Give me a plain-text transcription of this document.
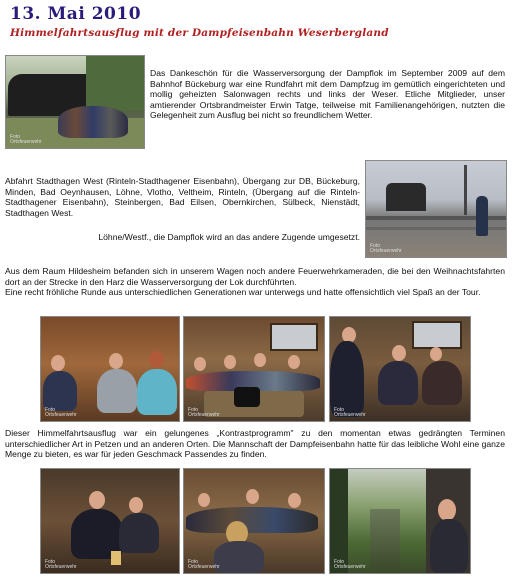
13. Mai 2010
Himmelfahrtsausflug mit der Dampfeisenbahn Weserbergland
Foto
Ortsfeuerwehr
Das Dankeschön für die Wasserversorgung der Dampflok im September 2009 auf dem Bahnhof Bückeburg war eine Rundfahrt mit dem Dampfzug im gemütlich eingerichteten und mollig geheizten Salonwagen rechts und links der Weser. Etliche Mitglieder, unser amtierender Ortsbrandmeister Erwin Tatge, teilweise mit Familienangehörigen, nutzten die Gelegenheit zum Ausflug bei nicht so freundlichem Wetter.
Abfahrt Stadthagen West (Rinteln-Stadthagener Eisenbahn), Übergang zur DB, Bückeburg, Minden, Bad Oeynhausen, Löhne, Vlotho, Veltheim, Rinteln, (Übergang auf die Rinteln-Stadthagener Eisenbahn), Steinbergen, Bad Eilsen, Obernkirchen, Sülbeck, Nienstädt, Stadthagen West.
Löhne/Westf., die Dampflok wird an das andere Zugende umgesetzt.
Foto
Ortsfeuerwehr
Aus dem Raum Hildesheim befanden sich in unserem Wagen noch andere Feuerwehrkameraden, die bei den Weihnachtsfahrten dort an der Strecke in den Harz die Wasserversorgung der Lok durchführten.
Eine recht fröhliche Runde aus unterschiedlichen Generationen war unterwegs und hatte offensichtlich viel Spaß an der Tour.
Foto
Ortsfeuerwehr
Foto
Ortsfeuerwehr
Foto
Ortsfeuerwehr
Dieser Himmelfahrtsausflug war ein gelungenes „Kontrastprogramm" zu den momentan etwas gedrängten Terminen unterschiedlicher Art in Petzen und an anderen Orten. Die Mannschaft der Dampfeisenbahn hatte für das leibliche Wohl eine ganze Menge zu bieten, es war für jeden Geschmack Passendes zu finden.
Foto
Ortsfeuerwehr
Foto
Ortsfeuerwehr
Foto
Ortsfeuerwehr
